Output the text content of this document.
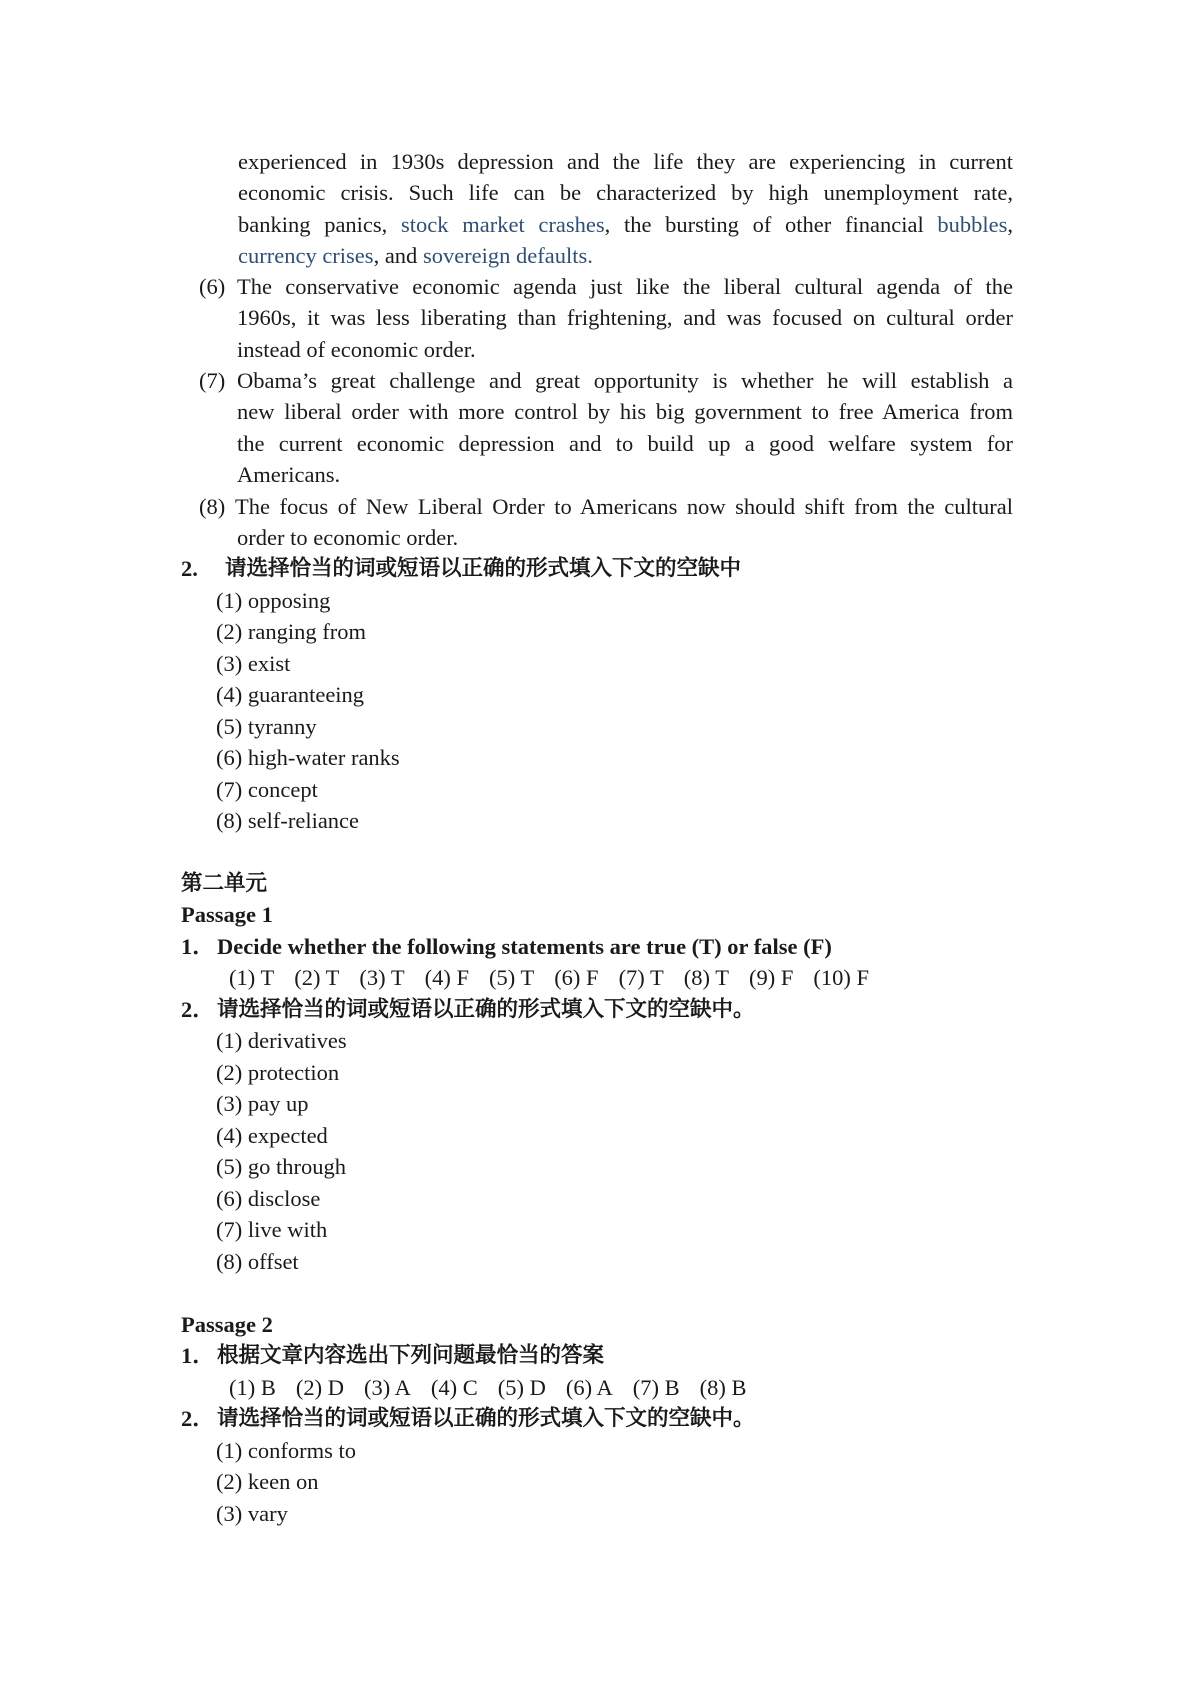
experienced in 1930s depression and the life they are experiencing in current
economic crisis. Such life can be characterized by high unemployment rate,
banking panics, stock market crashes, the bursting of other financial bubbles,
currency crises, and sovereign defaults.
(6) The conservative economic agenda just like the liberal cultural agenda of the
1960s, it was less liberating than frightening, and was focused on cultural order
instead of economic order.
(7) Obama’s great challenge and great opportunity is whether he will establish a
new liberal order with more control by his big government to free America from
the current economic depression and to build up a good welfare system for
Americans.
(8) The focus of New Liberal Order to Americans now should shift from the cultural
order to economic order.
2. 请选择恰当的词或短语以正确的形式填入下文的空缺中
(1) opposing
(2) ranging from
(3) exist
(4) guaranteeing
(5) tyranny
(6) high-water ranks
(7) concept
(8) self-reliance
第二单元
Passage 1
1． Decide whether the following statements are true (T) or false (F)
(1) T (2) T (3) T (4) F (5) T (6) F (7) T (8) T (9) F (10) F
2． 请选择恰当的词或短语以正确的形式填入下文的空缺中。
(1) derivatives
(2) protection
(3) pay up
(4) expected
(5) go through
(6) disclose
(7) live with
(8) offset
Passage 2
1． 根据文章内容选出下列问题最恰当的答案
(1) B (2) D (3) A (4) C (5) D (6) A (7) B (8) B
2． 请选择恰当的词或短语以正确的形式填入下文的空缺中。
(1) conforms to
(2) keen on
(3) vary
